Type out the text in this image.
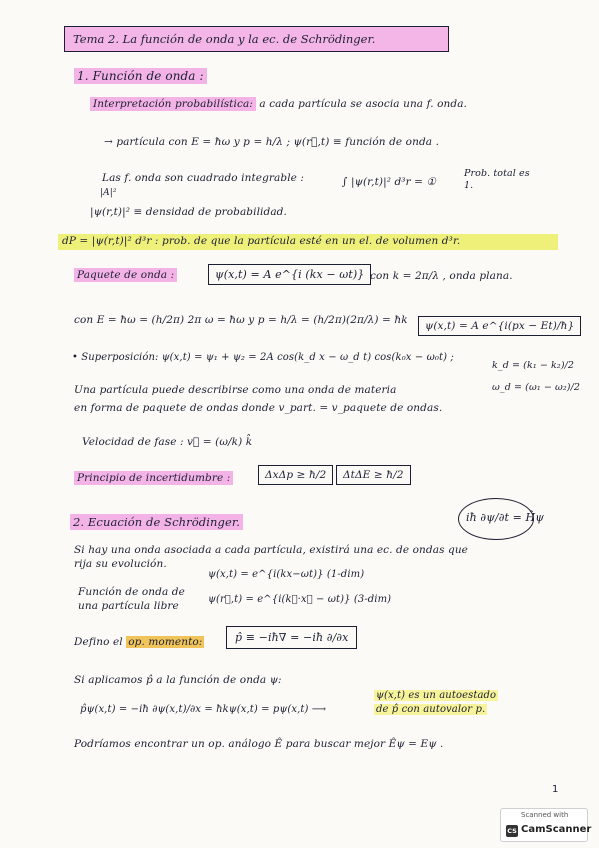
Tema 2. La función de onda y la ec. de Schrödinger.
1. Función de onda :
Interpretación probabilística: a cada partícula se asocia una f. onda.
→ partícula con E = ħω y p = h/λ ; ψ(r⃗,t) ≡ función de onda .
Las f. onda son cuadrado integrable :
|A|²
∫ |ψ(r,t)|² d³r = ①
Prob. total es 1.
|ψ(r,t)|² ≡ densidad de probabilidad.
dP = |ψ(r,t)|² d³r : prob. de que la partícula esté en un el. de volumen d³r.
Paquete de onda :	ψ(x,t) = A e^{i (kx − ωt)} con k = 2π/λ , onda plana.
con E = ħω = (h/2π) 2π ω = ħω y p = h/λ = (h/2π)(2π/λ) = ħk	ψ(x,t) = A e^{i(px − Et)/ħ}
• Superposición: ψ(x,t) = ψ₁ + ψ₂ = 2A cos(k_d x − ω_d t) cos(k₀x − ω₀t) ;
k_d = (k₁ − k₂)/2
ω_d = (ω₁ − ω₂)/2
Una partícula puede describirse como una onda de materia
en forma de paquete de ondas donde v_part. = v_paquete de ondas.
Velocidad de fase : v⃗ = (ω/k) k̂
Principio de incertidumbre :	ΔxΔp ≥ ħ/2	ΔtΔE ≥ ħ/2
2. Ecuación de Schrödinger.	iħ ∂ψ/∂t = Ĥψ
Si hay una onda asociada a cada partícula, existirá una ec. de ondas que
rija su evolución.
Función de onda de
una partícula libre
ψ(x,t) = e^{i(kx−ωt)} (1-dim)
ψ(r⃗,t) = e^{i(k⃗·x⃗ − ωt)} (3-dim)
Defino el op. momento:	p̂ ≡ −iħ∇ = −iħ ∂/∂x
Si aplicamos p̂ a la función de onda ψ:
p̂ψ(x,t) = −iħ ∂ψ(x,t)/∂x = ħkψ(x,t) = pψ(x,t) ⟶
ψ(x,t) es un autoestado
de p̂ con autovalor p.
Podríamos encontrar un op. análogo Ê para buscar mejor Êψ = Eψ .
1
Scanned with
CS CamScanner
